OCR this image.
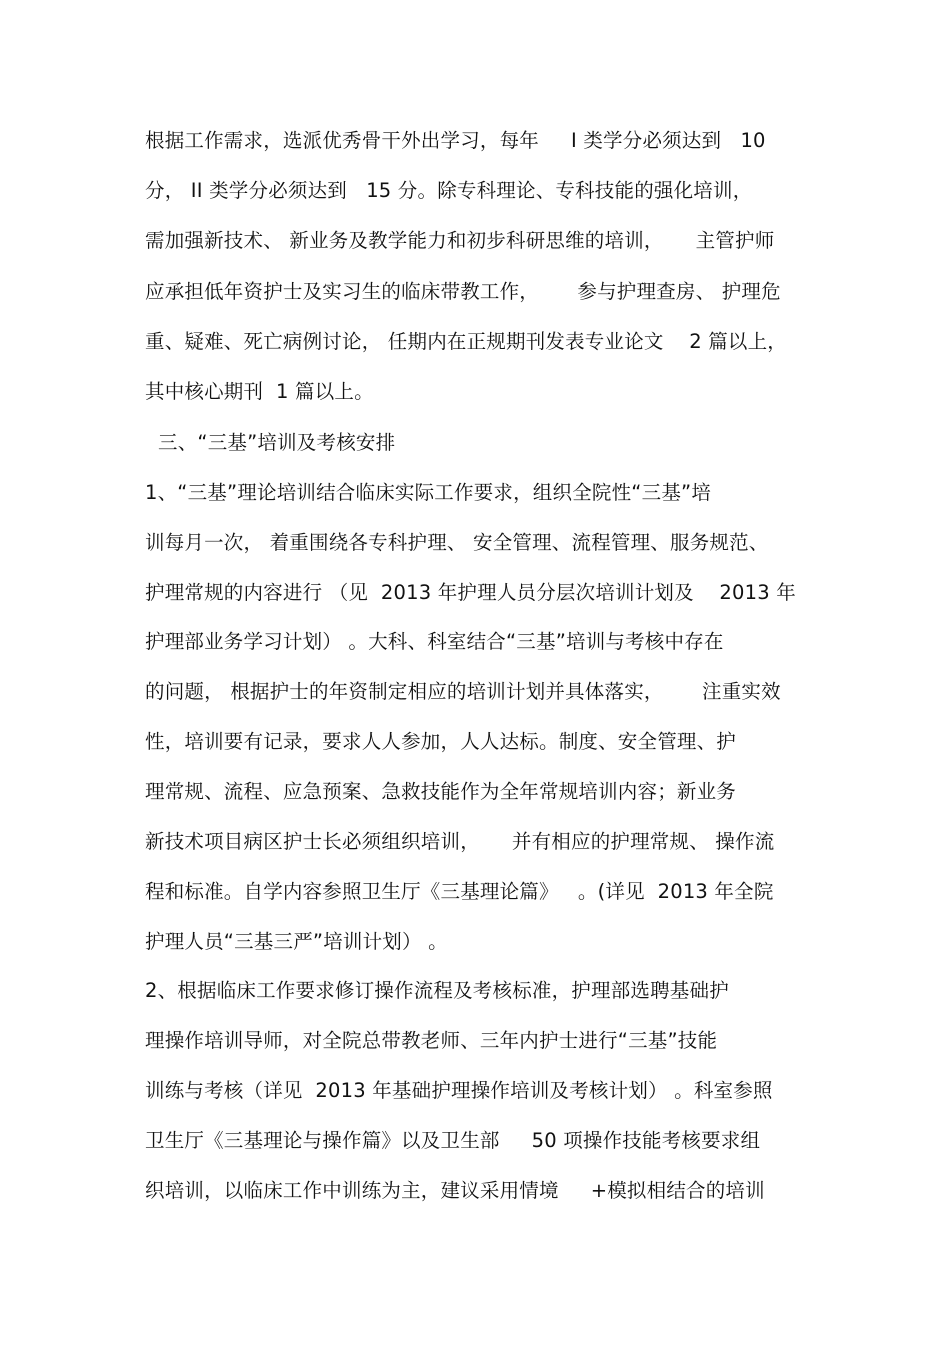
根据工作需求，选派优秀骨干外出学习，每年     I 类学分必须达到   10
分， II 类学分必须达到   15 分。除专科理论、专科技能的强化培训，
需加强新技术、 新业务及教学能力和初步科研思维的培训，     主管护师
应承担低年资护士及实习生的临床带教工作，      参与护理查房、 护理危
重、疑难、死亡病例讨论， 任期内在正规期刊发表专业论文    2 篇以上，
其中核心期刊  1 篇以上。
三、“三基”培训及考核安排
1、“三基”理论培训结合临床实际工作要求，组织全院性“三基”培
训每月一次， 着重围绕各专科护理、 安全管理、流程管理、服务规范、
护理常规的内容进行 （见  2013 年护理人员分层次培训计划及    2013 年
护理部业务学习计划） 。大科、科室结合“三基”培训与考核中存在
的问题， 根据护士的年资制定相应的培训计划并具体落实，      注重实效
性，培训要有记录，要求人人参加，人人达标。制度、安全管理、护
理常规、流程、应急预案、急救技能作为全年常规培训内容；新业务
新技术项目病区护士长必须组织培训，     并有相应的护理常规、 操作流
程和标准。自学内容参照卫生厅《三基理论篇》   。(详见  2013 年全院
护理人员“三基三严”培训计划） 。
2、根据临床工作要求修订操作流程及考核标准，护理部选聘基础护
理操作培训导师，对全院总带教老师、三年内护士进行“三基”技能
训练与考核（详见  2013 年基础护理操作培训及考核计划） 。科室参照
卫生厅《三基理论与操作篇》以及卫生部     50 项操作技能考核要求组
织培训，以临床工作中训练为主，建议采用情境     +模拟相结合的培训
